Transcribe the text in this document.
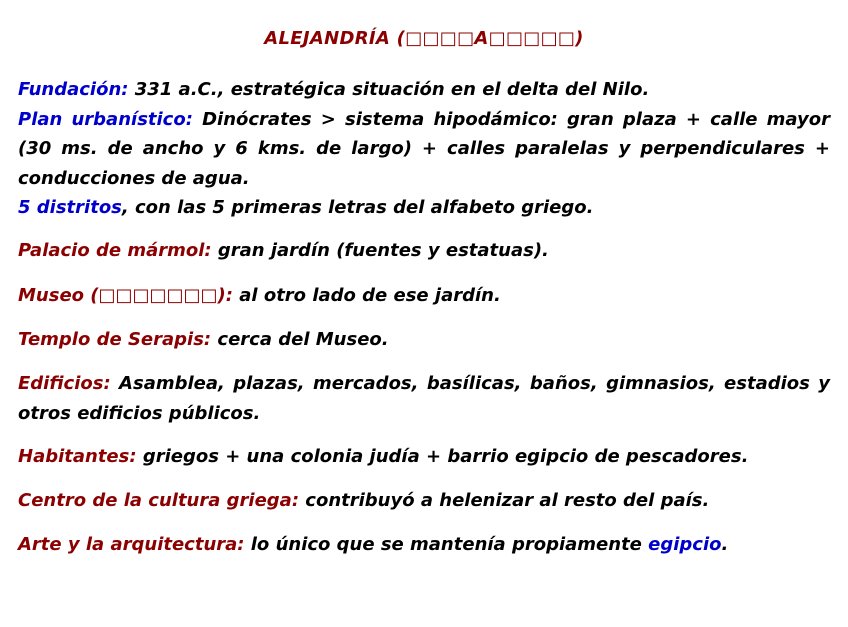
ALEJANDRÍA (□□□□A□□□□□)
Fundación: 331 a.C., estratégica situación en el delta del Nilo.
Plan urbanístico: Dinócrates > sistema hipodámico: gran plaza + calle mayor (30 ms. de ancho y 6 kms. de largo) + calles paralelas y perpendiculares + conducciones de agua.
5 distritos, con las 5 primeras letras del alfabeto griego.
Palacio de mármol: gran jardín (fuentes y estatuas).
Museo (□□□□□□□): al otro lado de ese jardín.
Templo de Serapis: cerca del Museo.
Edificios: Asamblea, plazas, mercados, basílicas, baños, gimnasios, estadios y otros edificios públicos.
Habitantes: griegos + una colonia judía + barrio egipcio de pescadores.
Centro de la cultura griega: contribuyó a helenizar al resto del país.
Arte y la arquitectura: lo único que se mantenía propiamente egipcio.
